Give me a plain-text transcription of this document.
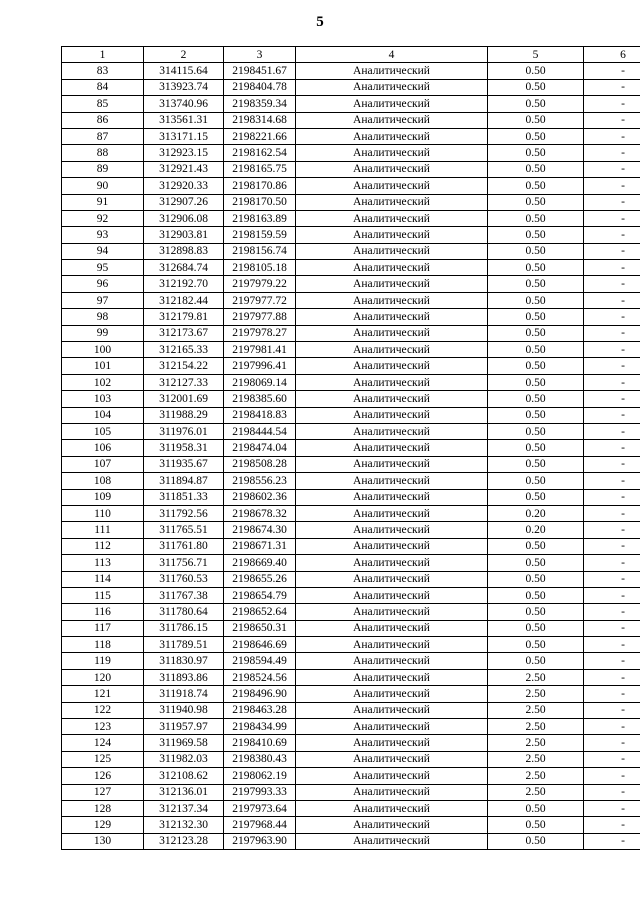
5
1	2	3	4	5	6
83	314115.64	2198451.67	Аналитический	0.50	-
84	313923.74	2198404.78	Аналитический	0.50	-
85	313740.96	2198359.34	Аналитический	0.50	-
86	313561.31	2198314.68	Аналитический	0.50	-
87	313171.15	2198221.66	Аналитический	0.50	-
88	312923.15	2198162.54	Аналитический	0.50	-
89	312921.43	2198165.75	Аналитический	0.50	-
90	312920.33	2198170.86	Аналитический	0.50	-
91	312907.26	2198170.50	Аналитический	0.50	-
92	312906.08	2198163.89	Аналитический	0.50	-
93	312903.81	2198159.59	Аналитический	0.50	-
94	312898.83	2198156.74	Аналитический	0.50	-
95	312684.74	2198105.18	Аналитический	0.50	-
96	312192.70	2197979.22	Аналитический	0.50	-
97	312182.44	2197977.72	Аналитический	0.50	-
98	312179.81	2197977.88	Аналитический	0.50	-
99	312173.67	2197978.27	Аналитический	0.50	-
100	312165.33	2197981.41	Аналитический	0.50	-
101	312154.22	2197996.41	Аналитический	0.50	-
102	312127.33	2198069.14	Аналитический	0.50	-
103	312001.69	2198385.60	Аналитический	0.50	-
104	311988.29	2198418.83	Аналитический	0.50	-
105	311976.01	2198444.54	Аналитический	0.50	-
106	311958.31	2198474.04	Аналитический	0.50	-
107	311935.67	2198508.28	Аналитический	0.50	-
108	311894.87	2198556.23	Аналитический	0.50	-
109	311851.33	2198602.36	Аналитический	0.50	-
110	311792.56	2198678.32	Аналитический	0.20	-
111	311765.51	2198674.30	Аналитический	0.20	-
112	311761.80	2198671.31	Аналитический	0.50	-
113	311756.71	2198669.40	Аналитический	0.50	-
114	311760.53	2198655.26	Аналитический	0.50	-
115	311767.38	2198654.79	Аналитический	0.50	-
116	311780.64	2198652.64	Аналитический	0.50	-
117	311786.15	2198650.31	Аналитический	0.50	-
118	311789.51	2198646.69	Аналитический	0.50	-
119	311830.97	2198594.49	Аналитический	0.50	-
120	311893.86	2198524.56	Аналитический	2.50	-
121	311918.74	2198496.90	Аналитический	2.50	-
122	311940.98	2198463.28	Аналитический	2.50	-
123	311957.97	2198434.99	Аналитический	2.50	-
124	311969.58	2198410.69	Аналитический	2.50	-
125	311982.03	2198380.43	Аналитический	2.50	-
126	312108.62	2198062.19	Аналитический	2.50	-
127	312136.01	2197993.33	Аналитический	2.50	-
128	312137.34	2197973.64	Аналитический	0.50	-
129	312132.30	2197968.44	Аналитический	0.50	-
130	312123.28	2197963.90	Аналитический	0.50	-
